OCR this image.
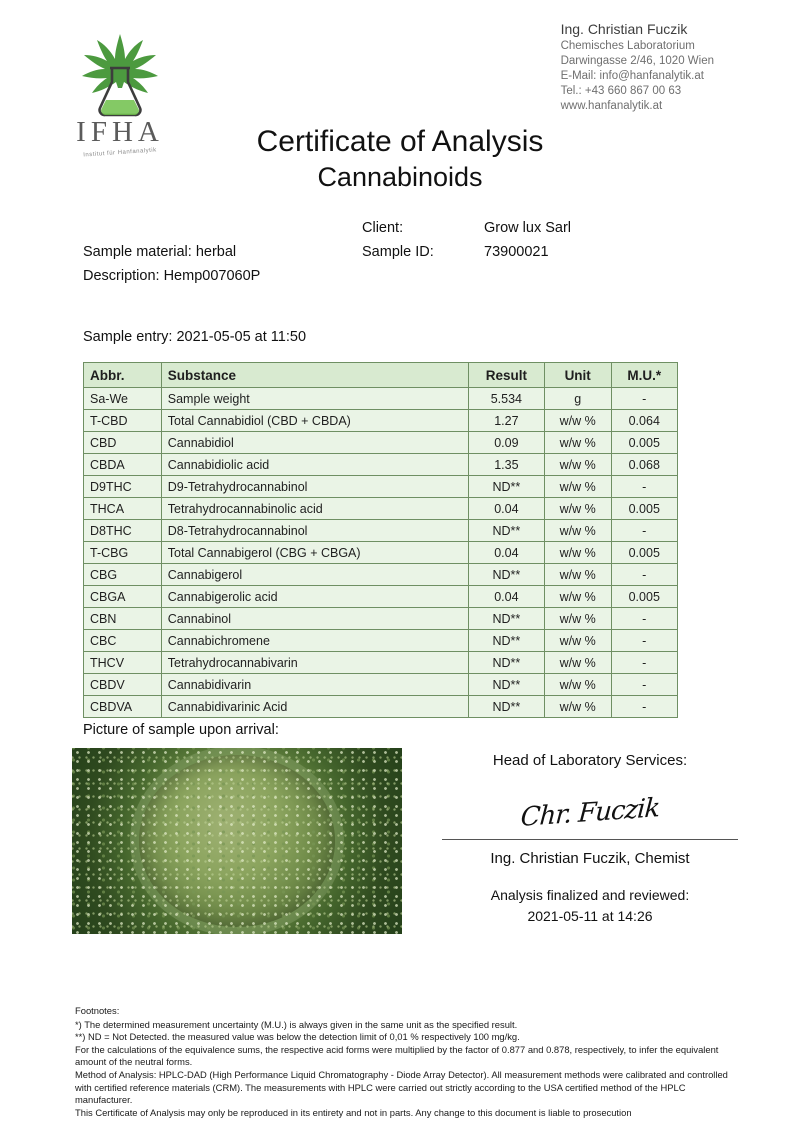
IFHA
Institut für Hanfanalytik
Ing. Christian Fuczik
Chemisches Laboratorium
Darwingasse 2/46, 1020 Wien
E-Mail: info@hanfanalytik.at
Tel.: +43 660 867 00 63
www.hanfanalytik.at
Certificate of Analysis
Cannabinoids
Sample material: herbal
Description: Hemp007060P
Client:	Grow lux Sarl
Sample ID:	73900021
Sample entry: 2021-05-05 at 11:50
Abbr.	Substance	Result	Unit	M.U.*
Sa-We	Sample weight	5.534	g	-
T-CBD	Total Cannabidiol (CBD + CBDA)	1.27	w/w %	0.064
CBD	Cannabidiol	0.09	w/w %	0.005
CBDA	Cannabidiolic acid	1.35	w/w %	0.068
D9THC	D9-Tetrahydrocannabinol	ND**	w/w %	-
THCA	Tetrahydrocannabinolic acid	0.04	w/w %	0.005
D8THC	D8-Tetrahydrocannabinol	ND**	w/w %	-
T-CBG	Total Cannabigerol (CBG + CBGA)	0.04	w/w %	0.005
CBG	Cannabigerol	ND**	w/w %	-
CBGA	Cannabigerolic acid	0.04	w/w %	0.005
CBN	Cannabinol	ND**	w/w %	-
CBC	Cannabichromene	ND**	w/w %	-
THCV	Tetrahydrocannabivarin	ND**	w/w %	-
CBDV	Cannabidivarin	ND**	w/w %	-
CBDVA	Cannabidivarinic Acid	ND**	w/w %	-
Picture of sample upon arrival:
Head of Laboratory Services:
Chr. Fuczik
Ing. Christian Fuczik, Chemist
Analysis finalized and reviewed:
2021-05-11 at 14:26

Footnotes:

*) The determined measurement uncertainty (M.U.) is always given in the same unit as the specified result.

**) ND = Not Detected. the measured value was below the detection limit of 0,01 % respectively 100 mg/kg.

For the calculations of the equivalence sums, the respective acid forms were multiplied by the factor of 0.877 and 0.878, respectively, to infer the equivalent amount of the neutral forms.

Method of Analysis: HPLC-DAD (High Performance Liquid Chromatography - Diode Array Detector). All measurement methods were calibrated and controlled with certified reference materials (CRM). The measurements with HPLC were carried out strictly according to the USA certified method of the HPLC manufacturer.

This Certificate of Analysis may only be reproduced in its entirety and not in parts. Any change to this document is liable to prosecution
